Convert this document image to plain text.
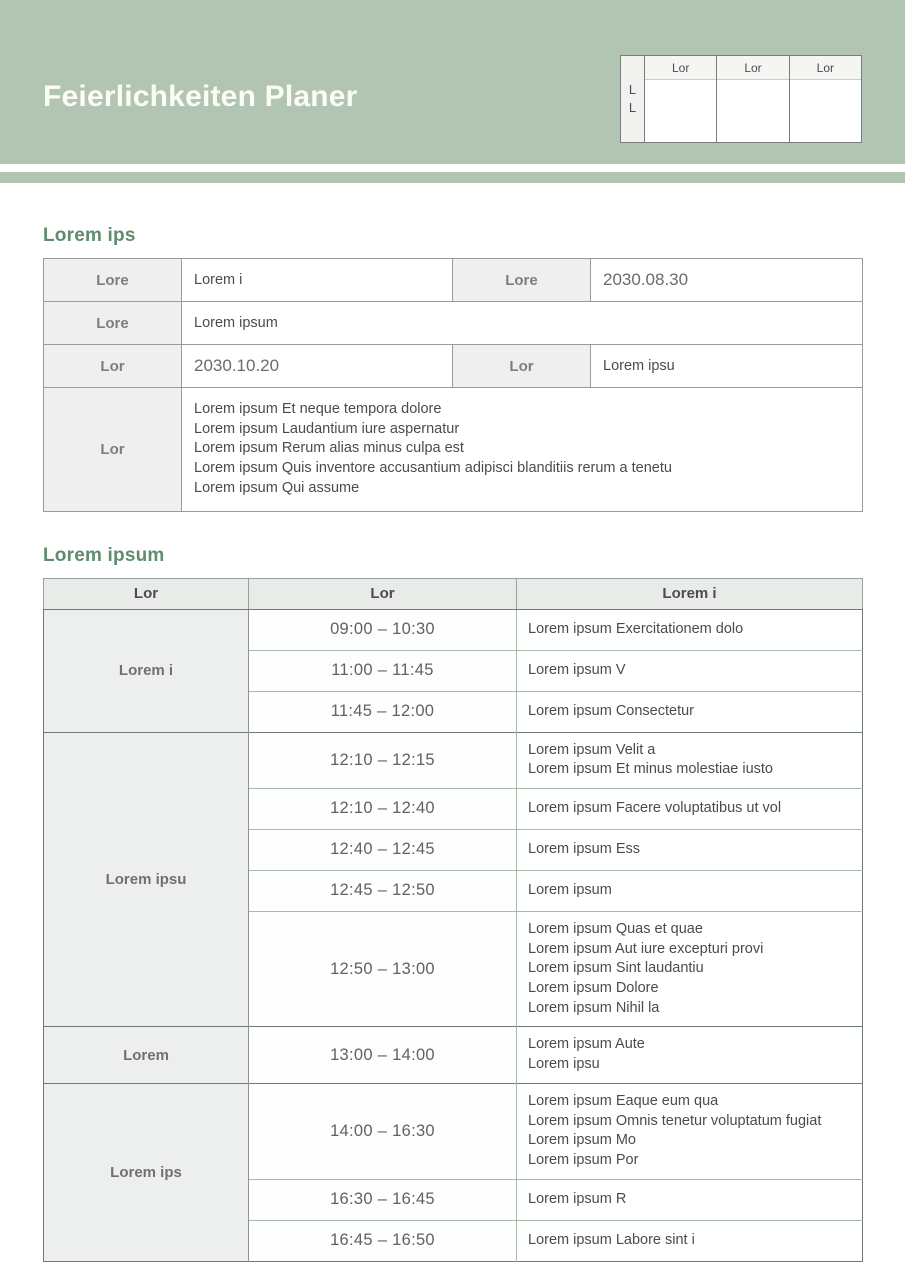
Feierlichkeiten Planer	L
L
Lor	Lor	Lor
Lorem ips
Lore	Lorem i	Lore	2030.08.30
Lore	Lorem ipsum		
Lor	2030.10.20	Lor	Lorem ipsu
Lor	Lorem ipsum Et neque tempora dolore
Lorem ipsum Laudantium iure aspernatur
Lorem ipsum Rerum alias minus culpa est
Lorem ipsum Quis inventore accusantium adipisci blanditiis rerum a tenetu
Lorem ipsum Qui assume		
Lorem ipsum
Lor	Lor	Lorem i
Lorem i	09:00 – 10:30	Lorem ipsum Exercitationem dolo

	11:00 – 11:45	Lorem ipsum V

	11:45 – 12:00	Lorem ipsum Consectetur

Lorem ipsu	12:10 – 12:15	Lorem ipsum Velit a
Lorem ipsum Et minus molestiae iusto

	12:10 – 12:40	Lorem ipsum Facere voluptatibus ut vol

	12:40 – 12:45	Lorem ipsum Ess

	12:45 – 12:50	Lorem ipsum

	12:50 – 13:00	Lorem ipsum Quas et quae
Lorem ipsum Aut iure excepturi provi
Lorem ipsum Sint laudantiu
Lorem ipsum Dolore
Lorem ipsum Nihil la

Lorem	13:00 – 14:00	Lorem ipsum Aute
Lorem ipsu

Lorem ips	14:00 – 16:30	Lorem ipsum Eaque eum qua
Lorem ipsum Omnis tenetur voluptatum fugiat
Lorem ipsum Mo
Lorem ipsum Por

	16:30 – 16:45	Lorem ipsum R

	16:45 – 16:50	Lorem ipsum Labore sint i
